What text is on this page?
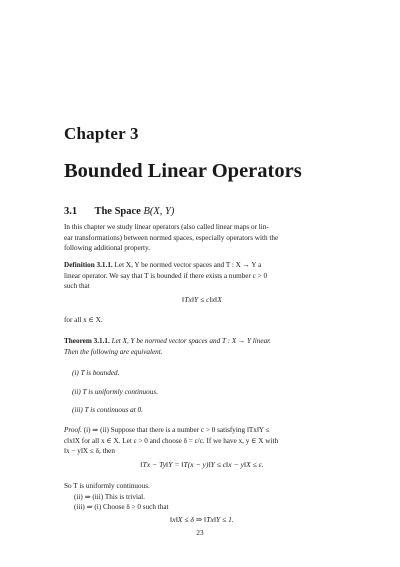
Chapter 3
Bounded Linear Operators
3.1 The Space B(X, Y)
In this chapter we study linear operators (also called linear maps or lin-
ear transformations) between normed spaces, especially operators with the
following additional property.
Definition 3.1.1. Let X, Y be normed vector spaces and T : X → Y a
linear operator. We say that T is bounded if there exists a number c > 0
such that
‖Tx‖Y ≤ c‖x‖X
for all x ∈ X.
Theorem 3.1.1. Let X, Y be normed vector spaces and T : X → Y linear.
Then the following are equivalent.
(i) T is bounded.
(ii) T is uniformly continuous.
(iii) T is continuous at 0.
Proof. (i) ⇒ (ii) Suppose that there is a number c > 0 satisfying ‖Tx‖Y ≤
c‖x‖X for all x ∈ X. Let ε > 0 and choose δ = ε/c. If we have x, y ∈ X with
‖x − y‖X ≤ δ, then
‖Tx − Ty‖Y = ‖T(x − y)‖Y ≤ c‖x − y‖X ≤ ε.
So T is uniformly continuous.
(ii) ⇒ (iii) This is trivial.
(iii) ⇒ (i) Choose δ > 0 such that
‖x‖X ≤ δ ⇒ ‖Tx‖Y ≤ 1.
23
